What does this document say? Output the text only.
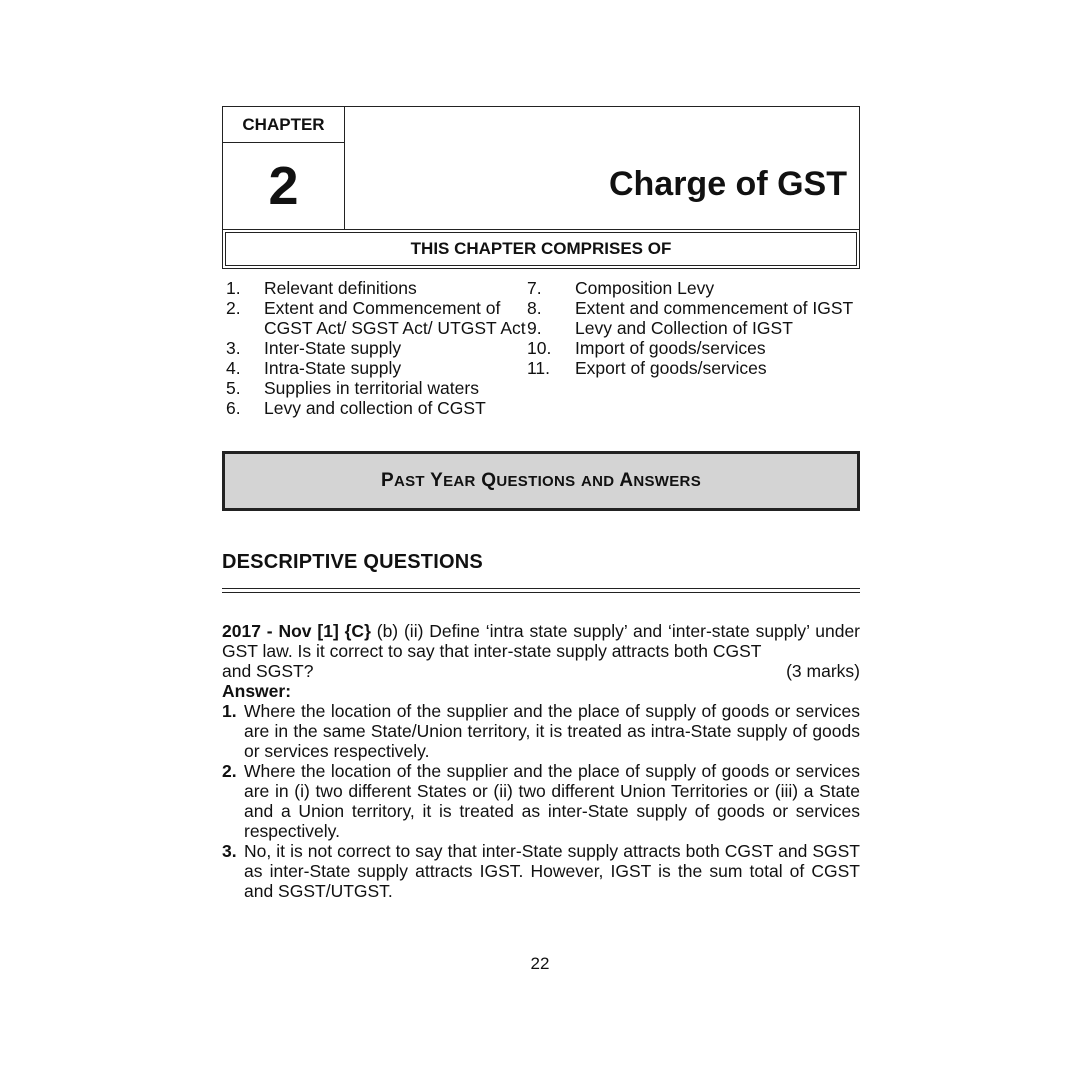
CHAPTER
2	Charge of GST
THIS CHAPTER COMPRISES OF
1.	Relevant definitions
2.	Extent and Commencement of CGST Act/ SGST Act/ UTGST Act
3.	Inter-State supply
4.	Intra-State supply
5.	Supplies in territorial waters
6.	Levy and collection of CGST
7.	Composition Levy
8.	Extent and commencement of IGST
9.	Levy and Collection of IGST
10.	Import of goods/services
11.	Export of goods/services
PAST YEAR QUESTIONS AND ANSWERS
DESCRIPTIVE QUESTIONS
2017 - Nov [1] {C} (b) (ii) Define ‘intra state supply’ and ‘inter-state supply’ under GST law. Is it correct to say that inter-state supply attracts both CGST
and SGST?	(3 marks)
Answer:
1. Where the location of the supplier and the place of supply of goods or services are in the same State/Union territory, it is treated as intra-State supply of goods or services respectively.
2. Where the location of the supplier and the place of supply of goods or services are in (i) two different States or (ii) two different Union Territories or (iii) a State and a Union territory, it is treated as inter-State supply of goods or services respectively.
3. No, it is not correct to say that inter-State supply attracts both CGST and SGST as inter-State supply attracts IGST. However, IGST is the sum total of CGST and SGST/UTGST.
22
